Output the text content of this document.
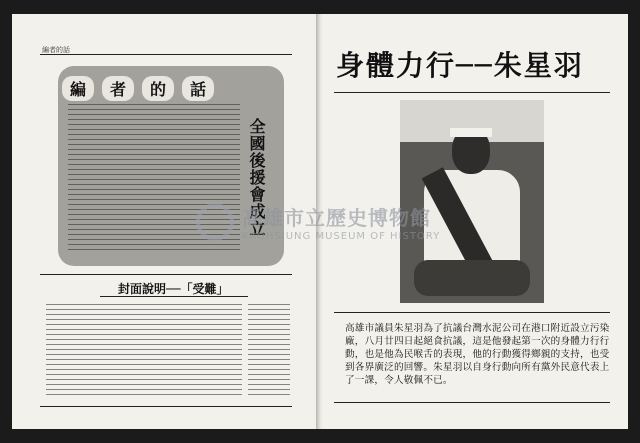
編者的話
編	者	的	話
全國後援會成立
封面說明──「受難」
身體力行──朱星羽
高雄市議員朱星羽為了抗議台灣水泥公司在港口附近設立污染廠，八月廿四日起絕食抗議，這是他發起第一次的身體力行行動，也是他為民喉舌的表現，他的行動獲得鄉親的支持，也受到各界廣泛的回響。朱星羽以自身行動向所有黨外民意代表上了一課，令人敬佩不已。
高雄市立歷史博物館
KAOHSIUNG MUSEUM OF HISTORY
